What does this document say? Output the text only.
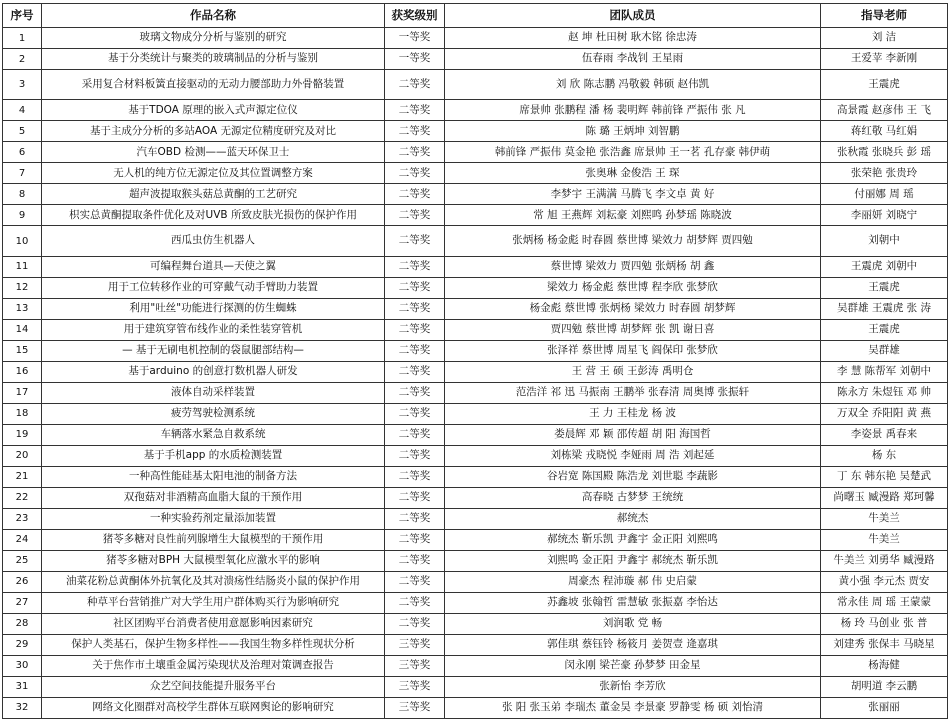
序号	作品名称	获奖级别	团队成员	指导老师
1	玻璃文物成分分析与鉴别的研究	一等奖	赵 坤 杜田树 耿木铭 徐忠涛	刘 洁
2	基于分类统计与聚类的玻璃制品的分析与鉴别	一等奖	伍春雨 李战钊 王星雨	王爱苹 李新刚
3	采用复合材料板簧直接驱动的无动力腰部助力外骨骼装置	二等奖	刘 欣 陈志鹏 冯敬毅 韩硕 赵伟凯	王震虎
4	基于TDOA 原理的嵌入式声源定位仪	二等奖	席景帅 张鹏程 潘 杨 裴明辉 韩前锋 严振伟 张 凡	高景霞 赵彦伟 王 飞
5	基于主成分分析的多站AOA 无源定位精度研究及对比	二等奖	陈 璐 王炳坤 刘智鹏	蒋红敬 马红娟
6	汽车OBD 检测——蓝天环保卫士	二等奖	韩前锋 严振伟 莫金艳 张浩鑫 席景帅 王一茗 孔存豪 韩伊萌	张秋霞 张晓兵 彭 瑶
7	无人机的纯方位无源定位及其位置调整方案	二等奖	张奥琳 金俊浩 王 琛	张荣艳 张贵玲
8	超声波提取猴头菇总黄酮的工艺研究	二等奖	李梦宇 王满满 马腾飞 李文卓 黄 好	付丽娜 周 瑶
9	枳实总黄酮提取条件优化及对UVB 所致皮肤光损伤的保护作用	二等奖	常 旭 王燕辉 刘耘豪 刘熙鸣 孙梦瑶 陈晓波	李丽妍 刘晓宁
10	西瓜虫仿生机器人	二等奖	张炳杨 杨金彪 时春圆 蔡世博 梁效力 胡梦辉 贾四勉	刘朝中
11	可编程舞台道具—天使之翼	二等奖	蔡世博 梁效力 贾四勉 张炳杨 胡 鑫	王震虎 刘朝中
12	用于工位转移作业的可穿戴气动手臂助力装置	二等奖	梁效力 杨金彪 蔡世博 程李欣 张梦欣	王震虎
13	利用"吐丝"功能进行探测的仿生蜘蛛	二等奖	杨金彪 蔡世博 张炳杨 梁效力 时春圆 胡梦辉	吴群雄 王震虎 张 涛
14	用于建筑穿管布线作业的柔性装穿管机	二等奖	贾四勉 蔡世博 胡梦辉 张 凯 谢日喜	王震虎
15	— 基于无刷电机控制的袋鼠腿部结构—	二等奖	张泽祥 蔡世博 周星飞 阎保印 张梦欣	吴群雄
16	基于arduino 的创意打数机器人研发	二等奖	王 营 王 硕 王彭涛 禹明仓	李 慧 陈帮军 刘朝中
17	液体自动采样装置	二等奖	范浩洋 祁 迅 马振南 王鹏举 张春清 周奥博 张振轩	陈永方 朱煜钰 邓 帅
18	疲劳驾驶检测系统	二等奖	王 力 王桂龙 杨 波	万双全 乔阳阳 黄 燕
19	车辆落水紧急自救系统	二等奖	娄晨辉 邓 颖 邵传超 胡 阳 海国哲	李姿景 禹春来
20	基于手机app 的水质检测装置	二等奖	刘栋梁 戎晓悦 李娅雨 周 浩 刘起延	杨 东
21	一种高性能硅基太阳电池的制备方法	二等奖	谷岩宽 陈国殿 陈浩龙 刘世聪 李蔬影	丁 东 韩东艳 吴楚武
22	双孢菇对非酒精高血脂大鼠的干预作用	二等奖	高春晓 古梦梦 王统统	尚曙玉 臧漫路 郑珂馨
23	一种实验药剂定量添加装置	二等奖	郝统杰	牛美兰
24	猪苓多糖对良性前列腺增生大鼠模型的干预作用	二等奖	郝统杰 靳乐凯 尹鑫宇 金正阳 刘熙鸣	牛美兰
25	猪苓多糖对BPH 大鼠模型氧化应激水平的影响	二等奖	刘熙鸣 金正阳 尹鑫宇 郝统杰 靳乐凯	牛美兰 刘勇华 臧漫路
26	油菜花粉总黄酮体外抗氧化及其对溃疡性结肠炎小鼠的保护作用	二等奖	周豪杰 程沛璇 郝 伟 史启蒙	黄小强 李元杰 贾安
27	种草平台营销推广对大学生用户群体购买行为影响研究	二等奖	苏鑫坡 张翰哲 雷慧敏 张振嘉 李怡达	常永佳 周 瑶 王蒙蒙
28	社区团购平台消费者使用意愿影响因素研究	二等奖	刘润歌 党 畅	杨 玲 马创业 张 普
29	保护人类基石，保护生物多样性——我国生物多样性现状分析	三等奖	郭佳琪 蔡钰铃 杨筱月 姜贺壹 逄嘉琪	刘建秀 张保丰 马晓星
30	关于焦作市土壤重金属污染现状及治理对策调查报告	三等奖	闵永刚 梁芒豪 孙梦梦 田金星	杨海健
31	众艺空间技能提升服务平台	三等奖	张新怡 李芳欣	胡明道 李云鹏
32	网络文化圈群对高校学生群体互联网舆论的影响研究	三等奖	张 阳 张玉弟 李瑞杰 董金昊 李景豪 罗静雯 杨 硕 刘怡清	张丽丽
